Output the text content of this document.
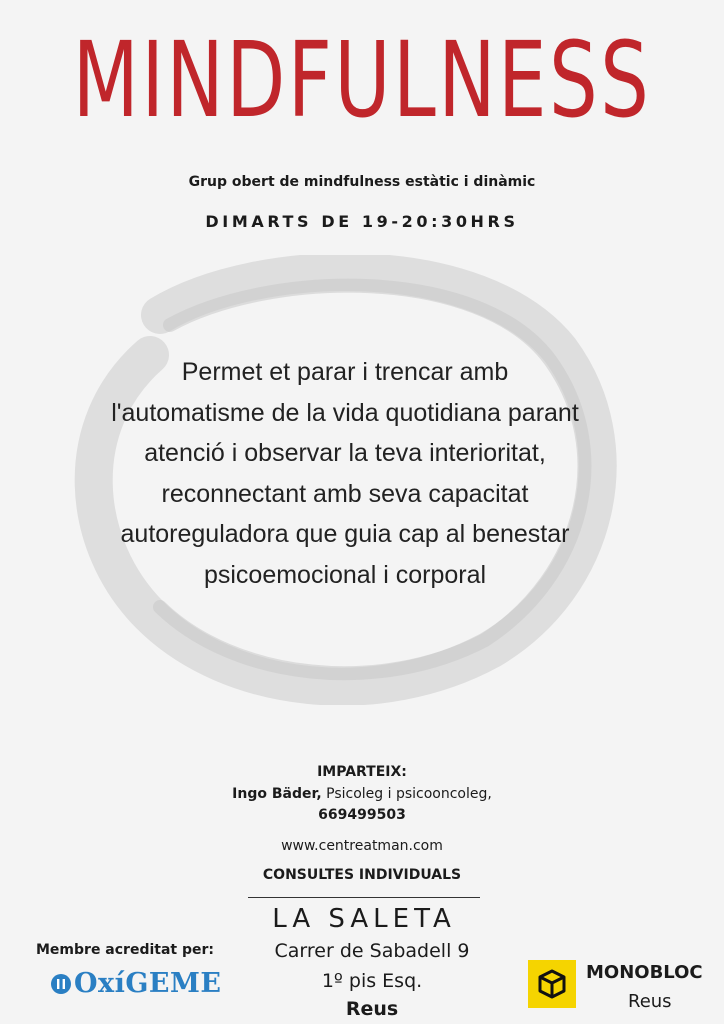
MINDFULNESS
Grup obert de mindfulness estàtic i dinàmic
DIMARTS DE 19-20:30HRS
Permet et parar i trencar amb l'automatisme de la vida quotidiana parant atenció i observar la teva interioritat, reconnectant amb seva capacitat autoreguladora que guia cap al benestar psicoemocional i corporal
IMPARTEIX:
Ingo Bäder, Psicoleg i psicooncoleg,
669499503
www.centreatman.com
CONSULTES INDIVIDUALS
LA SALETA
Carrer de Sabadell 9
1º pis Esq.
Reus
Membre acreditat per:
OxíGEME	MONOBLOC
Reus
